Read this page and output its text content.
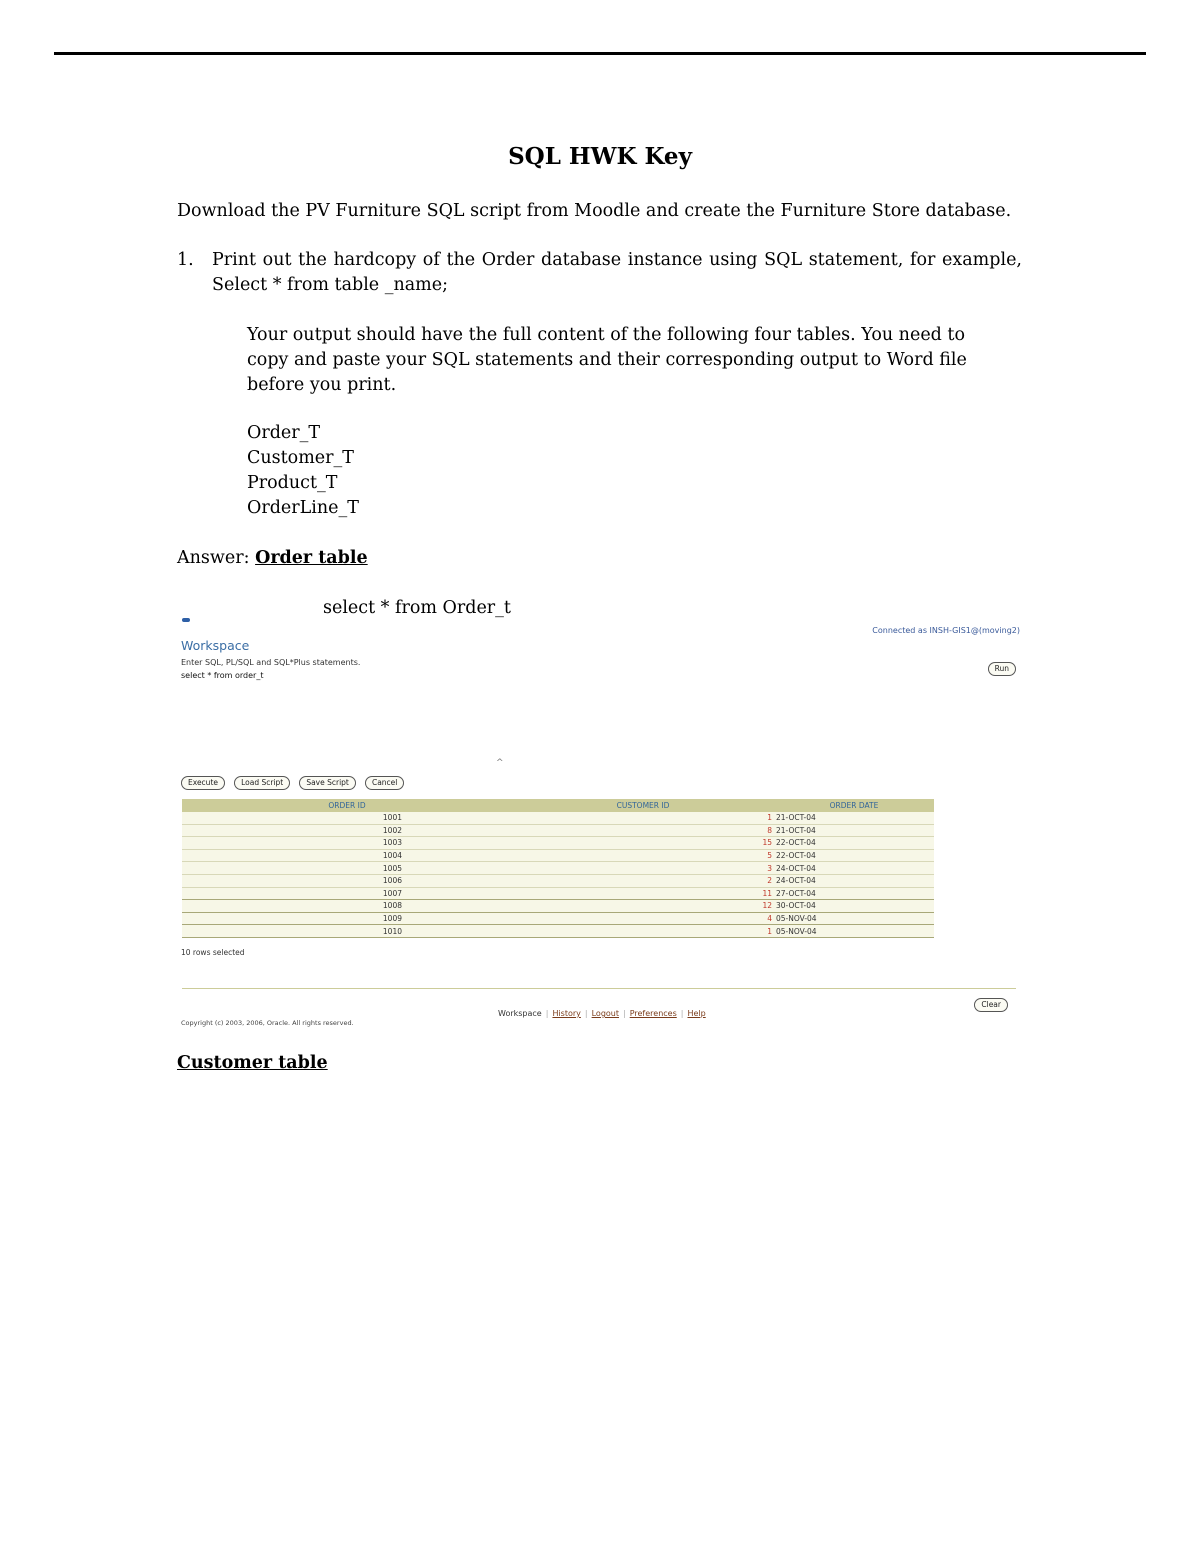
SQL HWK Key
Download the PV Furniture SQL script from Moodle and create the Furniture Store database.
1. Print out the hardcopy of the Order database instance using SQL statement, for example, Select * from table _name;
Your output should have the full content of the following four tables. You need to copy and paste your SQL statements and their corresponding output to Word file before you print.
Order_T
Customer_T
Product_T
OrderLine_T
Answer: Order table
select * from Order_t
Connected as INSH-GIS1@(moving2)
Workspace
Enter SQL, PL/SQL and SQL*Plus statements.
select * from order_t
Run
^
Execute	Load Script	Save Script	Cancel
ORDER ID	CUSTOMER ID	ORDER DATE
1001	1	21-OCT-04
1002	8	21-OCT-04
1003	15	22-OCT-04
1004	5	22-OCT-04
1005	3	24-OCT-04
1006	2	24-OCT-04
1007	11	27-OCT-04
1008	12	30-OCT-04
1009	4	05-NOV-04
1010	1	05-NOV-04
10 rows selected
Clear
Workspace | History | Logout | Preferences | Help
Copyright (c) 2003, 2006, Oracle. All rights reserved.
Customer table
